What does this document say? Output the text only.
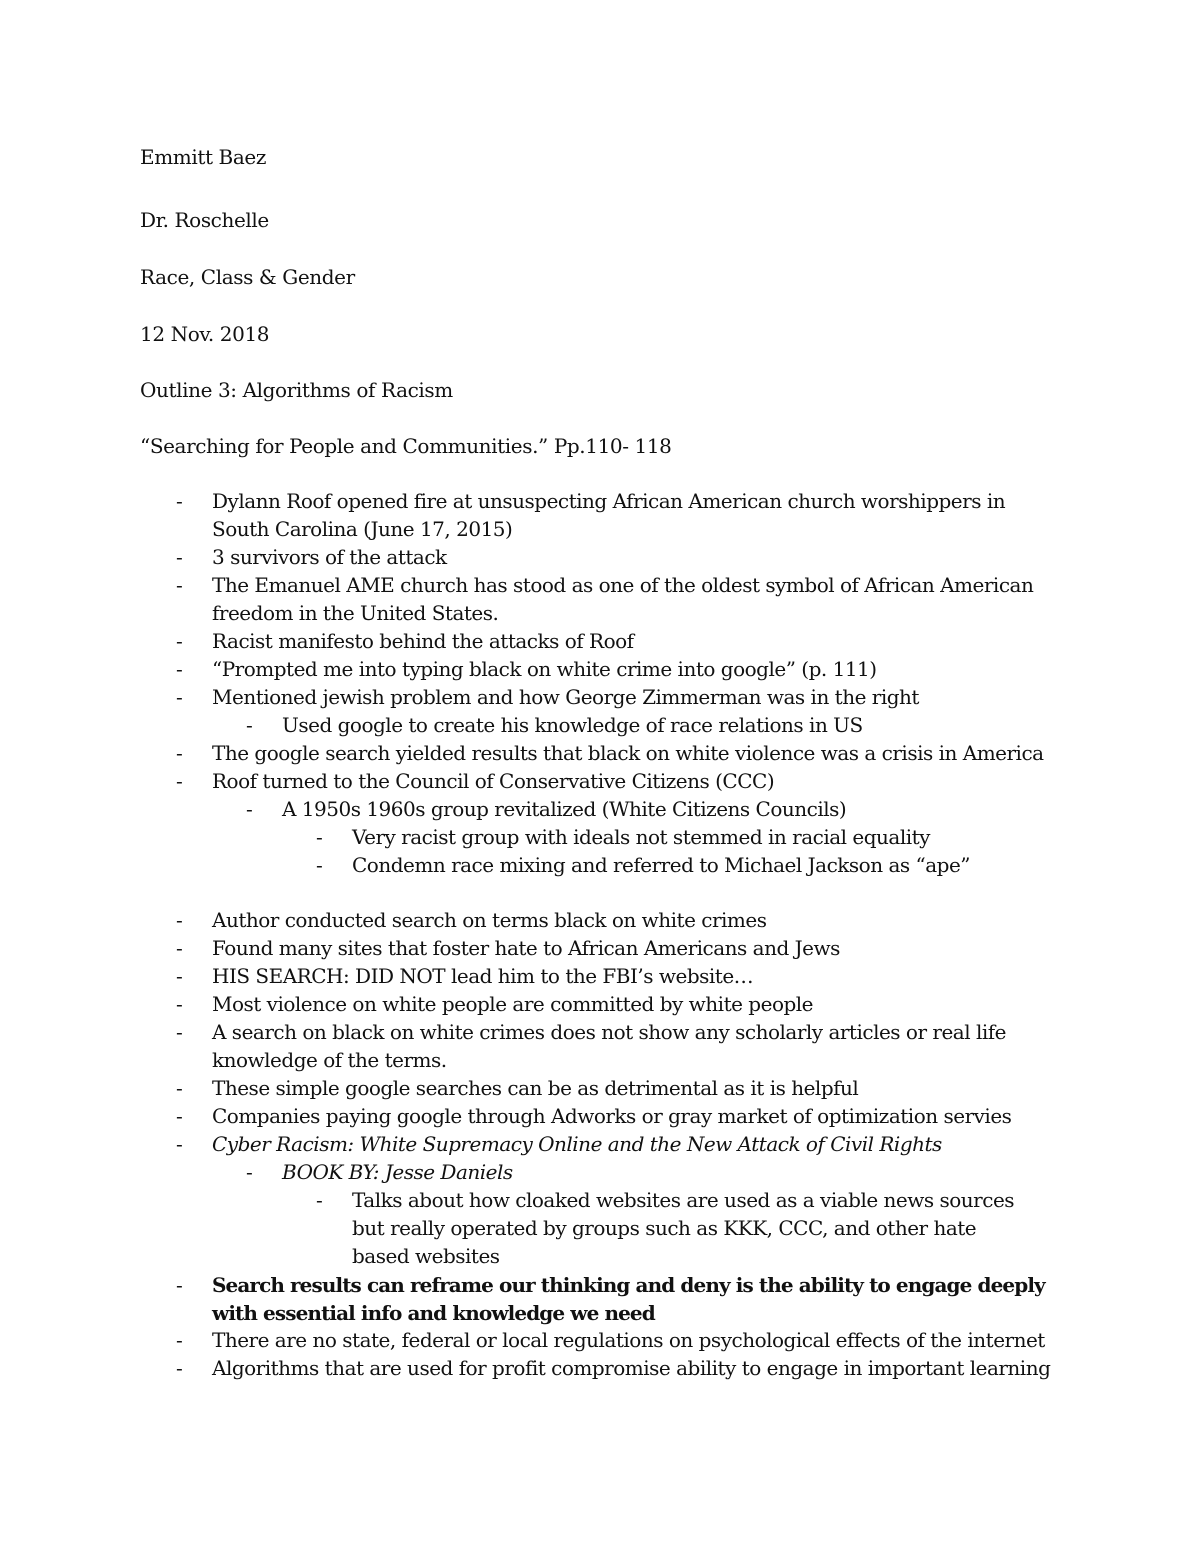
Emmitt Baez
Dr. Roschelle
Race, Class & Gender
12 Nov. 2018
Outline 3: Algorithms of Racism
“Searching for People and Communities.” Pp.110- 118
-	Dylann Roof opened fire at unsuspecting African American church worshippers in South Carolina (June 17, 2015)
-	3 survivors of the attack
-	The Emanuel AME church has stood as one of the oldest symbol of African American freedom in the United States.
-	Racist manifesto behind the attacks of Roof
-	“Prompted me into typing black on white crime into google” (p. 111)
-	Mentioned jewish problem and how George Zimmerman was in the right
-	Used google to create his knowledge of race relations in US
-	The google search yielded results that black on white violence was a crisis in America
-	Roof turned to the Council of Conservative Citizens (CCC)
-	A 1950s 1960s group revitalized (White Citizens Councils)
-	Very racist group with ideals not stemmed in racial equality
-	Condemn race mixing and referred to Michael Jackson as “ape”
-	Author conducted search on terms black on white crimes
-	Found many sites that foster hate to African Americans and Jews
-	HIS SEARCH: DID NOT lead him to the FBI’s website…
-	Most violence on white people are committed by white people
-	A search on black on white crimes does not show any scholarly articles or real life knowledge of the terms.
-	These simple google searches can be as detrimental as it is helpful
-	Companies paying google through Adworks or gray market of optimization servies
-	Cyber Racism: White Supremacy Online and the New Attack of Civil Rights
-	BOOK BY: Jesse Daniels
-	Talks about how cloaked websites are used as a viable news sources but really operated by groups such as KKK, CCC, and other hate based websites
-	Search results can reframe our thinking and deny is the ability to engage deeply with essential info and knowledge we need
-	There are no state, federal or local regulations on psychological effects of the internet
-	Algorithms that are used for profit compromise ability to engage in important learning
